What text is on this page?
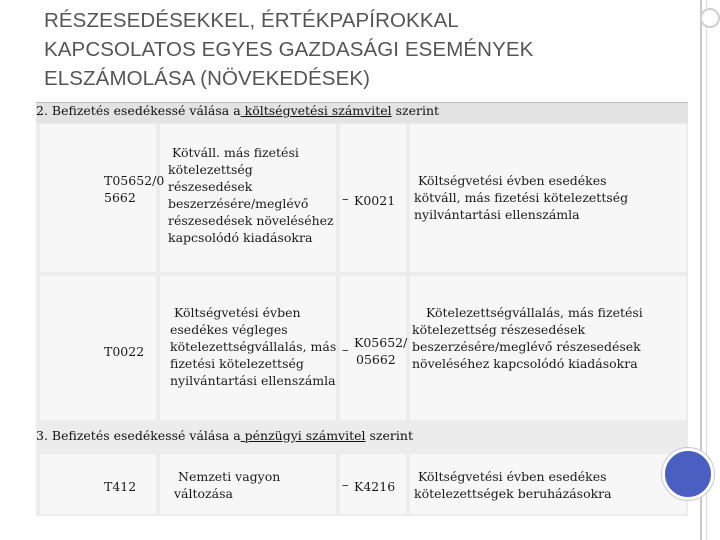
RÉSZESEDÉSEKKEL, ÉRTÉKPAPÍROKKAL
KAPCSOLATOS EGYES GAZDASÁGI ESEMÉNYEK
ELSZÁMOLÁSA (NÖVEKEDÉSEK)
2. Befizetés esedékessé válása a költségvetési számvitel szerint
T05652/0
5662
Kötváll. más fizetési
kötelezettség
részesedések
beszerzésére/meglévő
részesedések növeléséhez
kapcsolódó kiadásokra
– K0021
Költségvetési évben esedékes
kötváll, más fizetési kötelezettség
nyilvántartási ellenszámla
T0022
Költségvetési évben
esedékes végleges
kötelezettségvállalás, más
fizetési kötelezettség
nyilvántartási ellenszámla
–
K05652/
05662
Kötelezettségvállalás, más fizetési
kötelezettség részesedések
beszerzésére/meglévő részesedések
növeléséhez kapcsolódó kiadásokra
3. Befizetés esedékessé válása a pénzügyi számvitel szerint
T412
Nemzeti vagyon
változása
– K4216
Költségvetési évben esedékes
kötelezettségek beruházásokra
